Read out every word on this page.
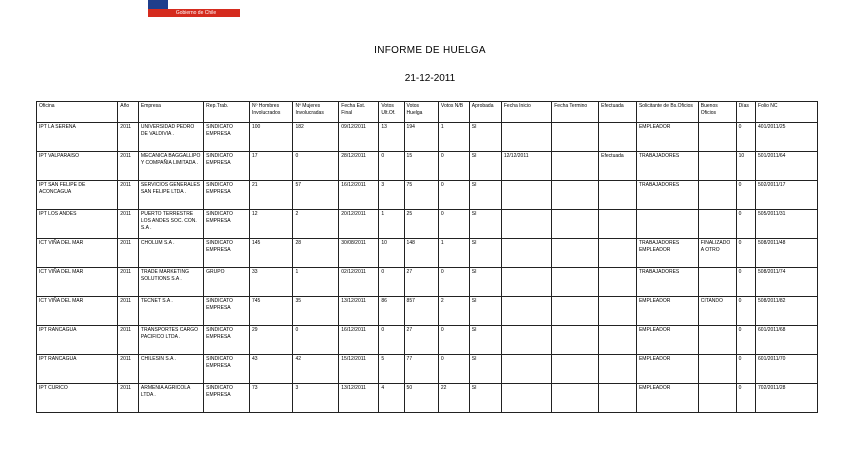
Gobierno de Chile
INFORME DE HUELGA
21-12-2011
Oficina	Año	Empresa	Rep.Trab.	Nº Hombres Involucrados	Nº Mujeres Involucradas	Fecha Est. Final	Votos Ult.Of.	Votos Huelga	Votos N/B	Aprobada	Fecha Inicio	Fecha Termino	Efectuada	Solicitante de Bs.Oficios	Buenos Oficios	Días	Folio NC
IPT LA SERENA	2011	UNIVERSIDAD PEDRO DE VALDIVIA .	SINDICATO EMPRESA	100	182	09/12/2011	13	194	1	SI				EMPLEADOR		0	401/2011/25
IPT VALPARAISO	2011	MECANICA BAGGALLIPO Y COMPAÑIA LIMITADA .	SINDICATO EMPRESA	17	0	28/12/2011	0	15	0	SI	12/12/2011		Efectuada	TRABAJADORES		10	501/2011/64
IPT SAN FELIPE DE ACONCAGUA	2011	SERVICIOS GENERALES SAN FELIPE LTDA .	SINDICATO EMPRESA	21	57	16/12/2011	3	75	0	SI				TRABAJADORES		0	502/2011/17
IPT LOS ANDES	2011	PUERTO TERRESTRE LOS ANDES SOC. CON. S.A .	SINDICATO EMPRESA	12	2	20/12/2011	1	25	0	SI						0	505/2011/31
ICT VIÑA DEL MAR	2011	CHOLUM S.A .	SINDICATO EMPRESA	145	28	30/08/2011	10	148	1	SI				TRABAJADORES EMPLEADOR	FINALIZADO A OTRO	0	508/2011/48
ICT VIÑA DEL MAR	2011	TRADE MARKETING SOLUTIONS S.A .	GRUPO	33	1	02/12/2011	0	27	0	SI				TRABAJADORES		0	508/2011/74
ICT VIÑA DEL MAR	2011	TECNET S.A .	SINDICATO EMPRESA	745	35	13/12/2011	86	857	2	SI				EMPLEADOR	CITANDO	0	508/2011/82
IPT RANCAGUA	2011	TRANSPORTES CARGO PACIFICO LTDA .	SINDICATO EMPRESA	29	0	16/12/2011	0	27	0	SI				EMPLEADOR		0	601/2011/68
IPT RANCAGUA	2011	CHILESIN S.A .	SINDICATO EMPRESA	43	42	15/12/2011	5	77	0	SI				EMPLEADOR		0	601/2011/70
IPT CURICO	2011	ARMENIA AGRICOLA LTDA .	SINDICATO EMPRESA	73	3	13/12/2011	4	50	22	SI				EMPLEADOR		0	702/2011/28
